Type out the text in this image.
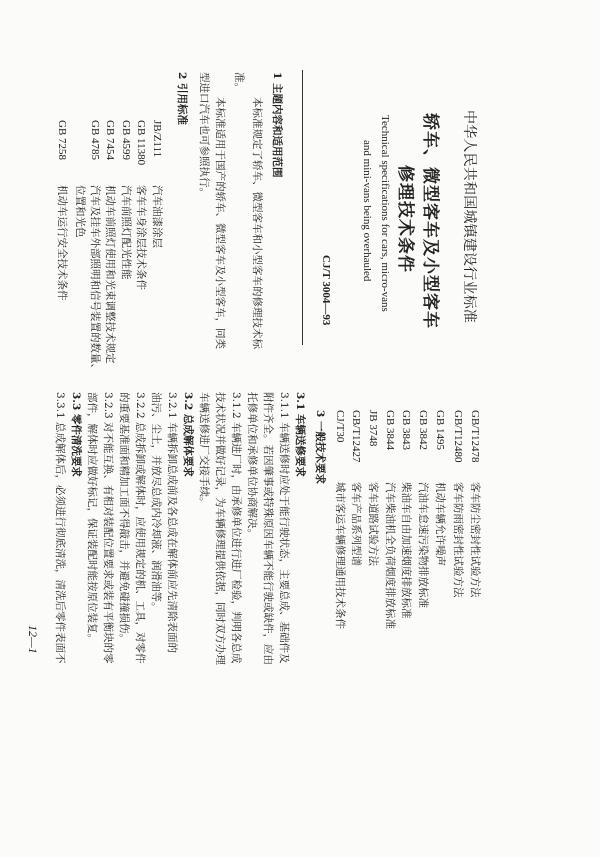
中华人民共和国城镇建设行业标准
轿车、微型客车及小型客车
修理技术条件
Technical specifications for cars, micro-vans
and mini-vans being overhauled
CJ/T 3004—93
1 主题内容和适用范围
本标准规定了轿车、微型客车和小型客车的修理技术标
准。
本标准适用于国产的轿车、微型客车及小型客车，同类
型进口汽车也可参照执行。
2 引用标准
JB/Z111
汽车油漆涂层
GB 11380
客车车身涂层技术条件
GB 4599
汽车前照灯配光性能
GB 7454
机动车前照灯使用和光束调整技术规定
GB 4785
汽车及挂车外部照明和信号装置的数量、
位置和光色
GB 7258
机动车运行安全技术条件
GB/T12478
客车防尘密封性试验方法
GB/T12480
客车防雨密封性试验方法
GB 1495
机动车辆允许噪声
GB 3842
汽油车怠速污染物排放标准
GB 3843
柴油车自由加速烟度排放标准
GB 3844
汽车柴油机全负荷烟度排放标准
JB 3748
客车道路试验方法
GB/T12427
客车产品系列型谱
CJ/T30
城市客运车辆修理通用技术条件
3 一般技术要求
3.1 车辆送修要求
3.1.1 车辆送修时应处于能行驶状态，主要总成、基础件及
附件齐全。若因肇事或特殊原因车辆不能行驶或缺件，应由
托修单位和承修单位协商解决。
3.1.2 车辆进厂时，由承修单位进行进厂检验，判明各总成
技术状况并做好记录，为车辆修理提供依据，同时双方办理
车辆送修进厂交接手续。
3.2 总成解体要求
3.2.1 车辆拆卸总成前及各总成在解体前应先清除表面的
油污、尘土，并放尽总成内冷却液、润滑油等。
3.2.2 总成拆卸或解体时，应使用规定的机、工具，对零件
的重要基准面和精加工面不得敲击，并避免碰撞损伤。
3.2.3 对不能互换、有相对装配位置要求或装有平衡块的零
部件，解体时应做好标记，保证装配时能按原位装复。
3.3 零件清洗要求
3.3.1 总成解体后，必须进行彻底清洗，清洗后零件表面不
12—1
